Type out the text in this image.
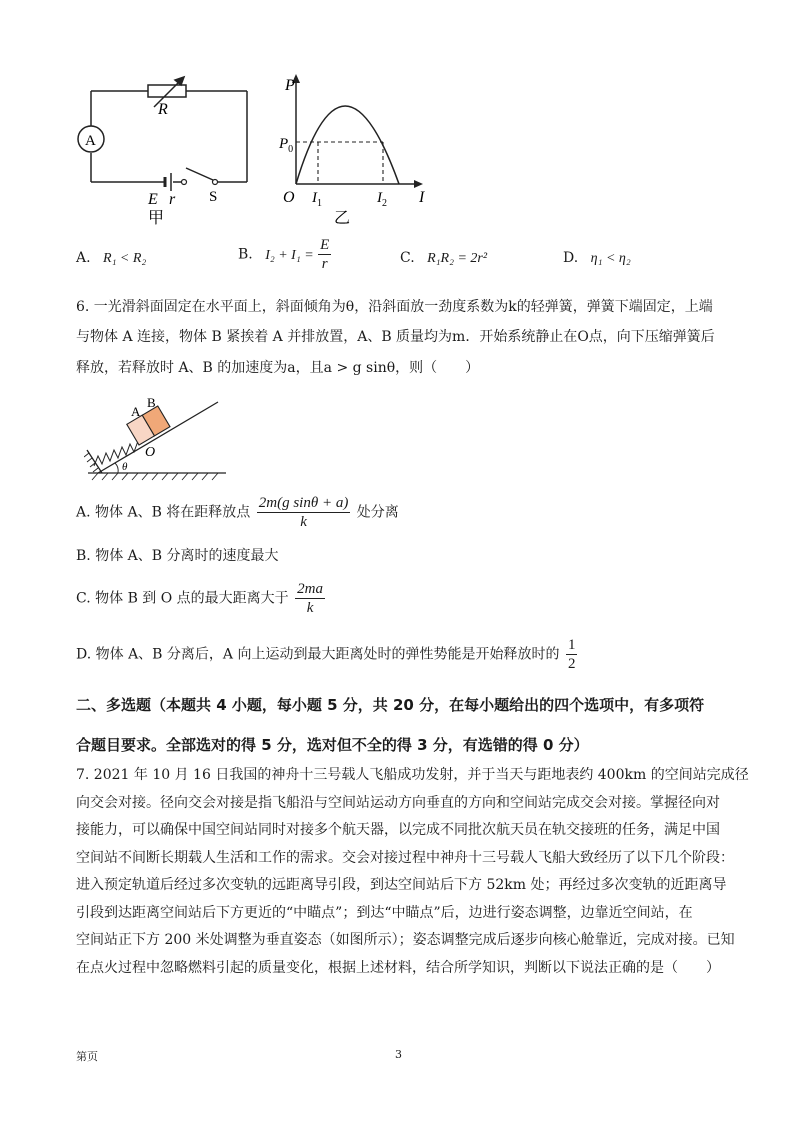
A
R
E r S
甲
P
$P_0$
O $I_1$	$I_2$ I
乙
A. R₁ < R₂	B. $I_2 + I_1 = \frac{E}{r}$	C. R₁R₂ = 2r²	D. η₁ < η₂
6. 一光滑斜面固定在水平面上，斜面倾角为θ，沿斜面放一劲度系数为k的轻弹簧，弹簧下端固定，上端
与物体 A 连接，物体 B 紧挨着 A 并排放置，A、B 质量均为m．开始系统静止在O点，向下压缩弹簧后
释放，若释放时 A、B 的加速度为a，且a > g sinθ，则（　　）
A
B
O
θ
A. 物体 A、B 将在距释放点 $\frac{\text{2m(g sinθ + a)}}{k}$ 处分离
B. 物体 A、B 分离时的速度最大
C. 物体 B 到 O 点的最大距离大于 $\frac{2ma}{k}$
D. 物体 A、B 分离后，A 向上运动到最大距离处时的弹性势能是开始释放时的 $\frac{1}{2}$
二、多选题（本题共 4 小题，每小题 5 分，共 20 分，在每小题给出的四个选项中，有多项符
合题目要求。全部选对的得 5 分，选对但不全的得 3 分，有选错的得 0 分）
7. 2021 年 10 月 16 日我国的神舟十三号载人飞船成功发射，并于当天与距地表约 400km 的空间站完成径
向交会对接。径向交会对接是指飞船沿与空间站运动方向垂直的方向和空间站完成交会对接。掌握径向对
接能力，可以确保中国空间站同时对接多个航天器，以完成不同批次航天员在轨交接班的任务，满足中国
空间站不间断长期载人生活和工作的需求。交会对接过程中神舟十三号载人飞船大致经历了以下几个阶段：
进入预定轨道后经过多次变轨的远距离导引段，到达空间站后下方 52km 处；再经过多次变轨的近距离导
引段到达距离空间站后下方更近的“中瞄点”；到达“中瞄点”后，边进行姿态调整，边靠近空间站，在
空间站正下方 200 米处调整为垂直姿态（如图所示）；姿态调整完成后逐步向核心舱靠近，完成对接。已知
在点火过程中忽略燃料引起的质量变化，根据上述材料，结合所学知识，判断以下说法正确的是（　　）
第页	3
